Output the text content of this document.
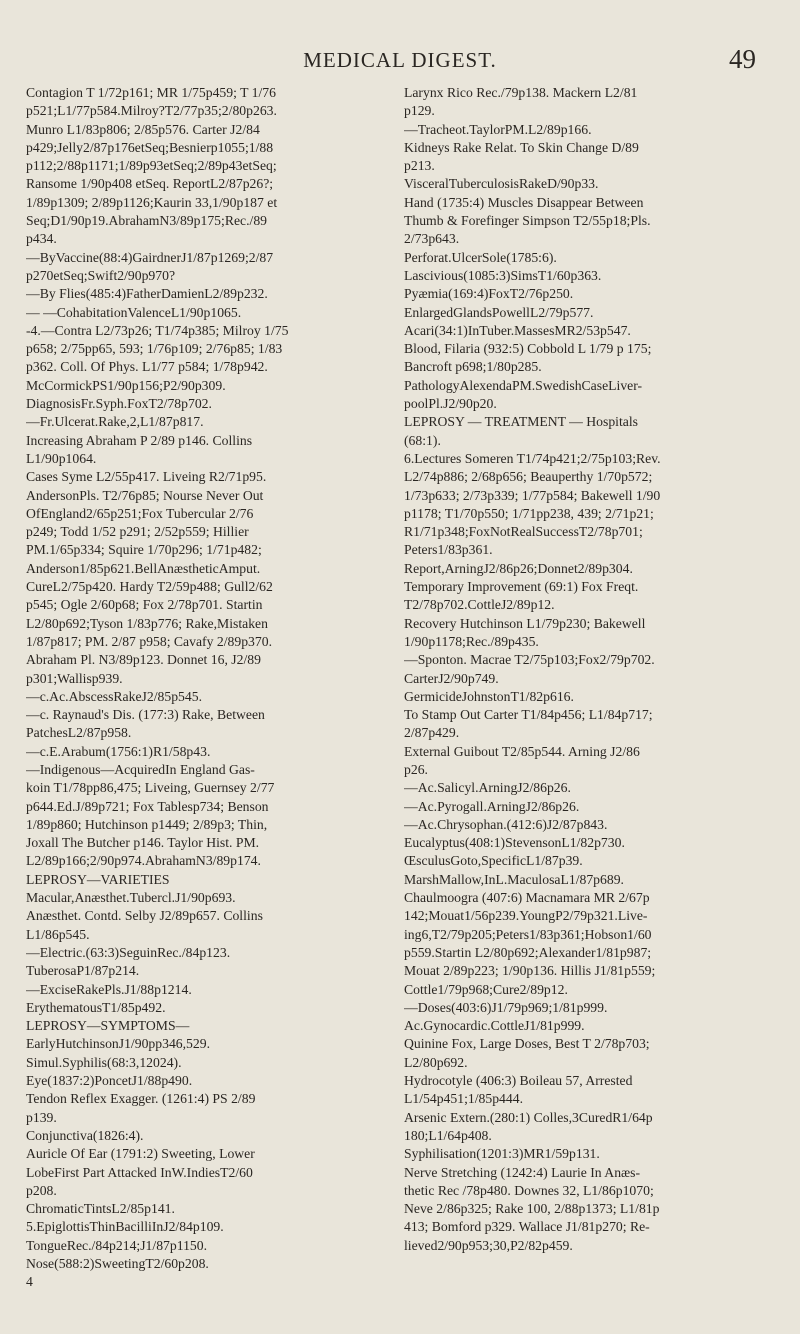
MEDICAL DIGEST.	49
Contagion T 1/72p161; MR 1/75p459; T 1/76
p521;L1/77p584.Milroy?T2/77p35;2/80p263.
Munro L1/83p806; 2/85p576. Carter J2/84
p429;Jelly2/87p176etSeq;Besnierp1055;1/88
p112;2/88p1171;1/89p93etSeq;2/89p43etSeq;
Ransome 1/90p408 etSeq. ReportL2/87p26?;
1/89p1309; 2/89p1126;Kaurin 33,1/90p187 et
Seq;D1/90p19.AbrahamN3/89p175;Rec./89
p434.
—ByVaccine(88:4)GairdnerJ1/87p1269;2/87
p270etSeq;Swift2/90p970?
—By Flies(485:4)FatherDamienL2/89p232.
— —CohabitationValenceL1/90p1065.
-4.—Contra L2/73p26; T1/74p385; Milroy 1/75
p658; 2/75pp65, 593; 1/76p109; 2/76p85; 1/83
p362. Coll. Of Phys. L1/77 p584; 1/78p942.
McCormickPS1/90p156;P2/90p309.
DiagnosisFr.Syph.FoxT2/78p702.
—Fr.Ulcerat.Rake,2,L1/87p817.
Increasing Abraham P 2/89 p146. Collins
L1/90p1064.
Cases Syme L2/55p417. Liveing R2/71p95.
AndersonPls. T2/76p85; Nourse Never Out
OfEngland2/65p251;Fox Tubercular 2/76
p249; Todd 1/52 p291; 2/52p559; Hillier
PM.1/65p334; Squire 1/70p296; 1/71p482;
Anderson1/85p621.BellAnæstheticAmput.
CureL2/75p420. Hardy T2/59p488; Gull2/62
p545; Ogle 2/60p68; Fox 2/78p701. Startin
L2/80p692;Tyson 1/83p776; Rake,Mistaken
1/87p817; PM. 2/87 p958; Cavafy 2/89p370.
Abraham Pl. N3/89p123. Donnet 16, J2/89
p301;Wallisp939.
—c.Ac.AbscessRakeJ2/85p545.
—c. Raynaud's Dis. (177:3) Rake, Between
PatchesL2/87p958.
—c.E.Arabum(1756:1)R1/58p43.
—Indigenous—AcquiredIn England Gas-
koin T1/78pp86,475; Liveing, Guernsey 2/77
p644.Ed.J/89p721; Fox Tablesp734; Benson
1/89p860; Hutchinson p1449; 2/89p3; Thin,
Joxall The Butcher p146. Taylor Hist. PM.
L2/89p166;2/90p974.AbrahamN3/89p174.
LEPROSY—VARIETIES
Macular,Anæsthet.Tubercl.J1/90p693.
Anæsthet. Contd. Selby J2/89p657. Collins
L1/86p545.
—Electric.(63:3)SeguinRec./84p123.
TuberosaP1/87p214.
—ExciseRakePls.J1/88p1214.
ErythematousT1/85p492.
LEPROSY—SYMPTOMS—
EarlyHutchinsonJ1/90pp346,529.
Simul.Syphilis(68:3,12024).
Eye(1837:2)PoncetJ1/88p490.
Tendon Reflex Exagger. (1261:4) PS 2/89
p139.
Conjunctiva(1826:4).
Auricle Of Ear (1791:2) Sweeting, Lower
LobeFirst Part Attacked InW.IndiesT2/60
p208.
ChromaticTintsL2/85p141.
5.EpiglottisThinBacilliInJ2/84p109.
TongueRec./84p214;J1/87p1150.
Nose(588:2)SweetingT2/60p208.
4
Larynx Rico Rec./79p138. Mackern L2/81
p129.
—Tracheot.TaylorPM.L2/89p166.
Kidneys Rake Relat. To Skin Change D/89
p213.
VisceralTuberculosisRakeD/90p33.
Hand (1735:4) Muscles Disappear Between
Thumb & Forefinger Simpson T2/55p18;Pls.
2/73p643.
Perforat.UlcerSole(1785:6).
Lascivious(1085:3)SimsT1/60p363.
Pyæmia(169:4)FoxT2/76p250.
EnlargedGlandsPowellL2/79p577.
Acari(34:1)InTuber.MassesMR2/53p547.
Blood, Filaria (932:5) Cobbold L 1/79 p 175;
Bancroft p698;1/80p285.
PathologyAlexendaPM.SwedishCaseLiver-
poolPl.J2/90p20.
LEPROSY — TREATMENT — Hospitals
(68:1).
6.Lectures Someren T1/74p421;2/75p103;Rev.
L2/74p886; 2/68p656; Beauperthy 1/70p572;
1/73p633; 2/73p339; 1/77p584; Bakewell 1/90
p1178; T1/70p550; 1/71pp238, 439; 2/71p21;
R1/71p348;FoxNotRealSuccessT2/78p701;
Peters1/83p361.
Report,ArningJ2/86p26;Donnet2/89p304.
Temporary Improvement (69:1) Fox Freqt.
T2/78p702.CottleJ2/89p12.
Recovery Hutchinson L1/79p230; Bakewell
1/90p1178;Rec./89p435.
—Sponton. Macrae T2/75p103;Fox2/79p702.
CarterJ2/90p749.
GermicideJohnstonT1/82p616.
To Stamp Out Carter T1/84p456; L1/84p717;
2/87p429.
External Guibout T2/85p544. Arning J2/86
p26.
—Ac.Salicyl.ArningJ2/86p26.
—Ac.Pyrogall.ArningJ2/86p26.
—Ac.Chrysophan.(412:6)J2/87p843.
Eucalyptus(408:1)StevensonL1/82p730.
ŒsculusGoto,SpecificL1/87p39.
MarshMallow,InL.MaculosaL1/87p689.
Chaulmoogra (407:6) Macnamara MR 2/67p
142;Mouat1/56p239.YoungP2/79p321.Live-
ing6,T2/79p205;Peters1/83p361;Hobson1/60
p559.Startin L2/80p692;Alexander1/81p987;
Mouat 2/89p223; 1/90p136. Hillis J1/81p559;
Cottle1/79p968;Cure2/89p12.
—Doses(403:6)J1/79p969;1/81p999.
Ac.Gynocardic.CottleJ1/81p999.
Quinine Fox, Large Doses, Best T 2/78p703;
L2/80p692.
Hydrocotyle (406:3) Boileau 57, Arrested
L1/54p451;1/85p444.
Arsenic Extern.(280:1) Colles,3CuredR1/64p
180;L1/64p408.
Syphilisation(1201:3)MR1/59p131.
Nerve Stretching (1242:4) Laurie In Anæs-
thetic Rec /78p480. Downes 32, L1/86p1070;
Neve 2/86p325; Rake 100, 2/88p1373; L1/81p
413; Bomford p329. Wallace J1/81p270; Re-
lieved2/90p953;30,P2/82p459.
